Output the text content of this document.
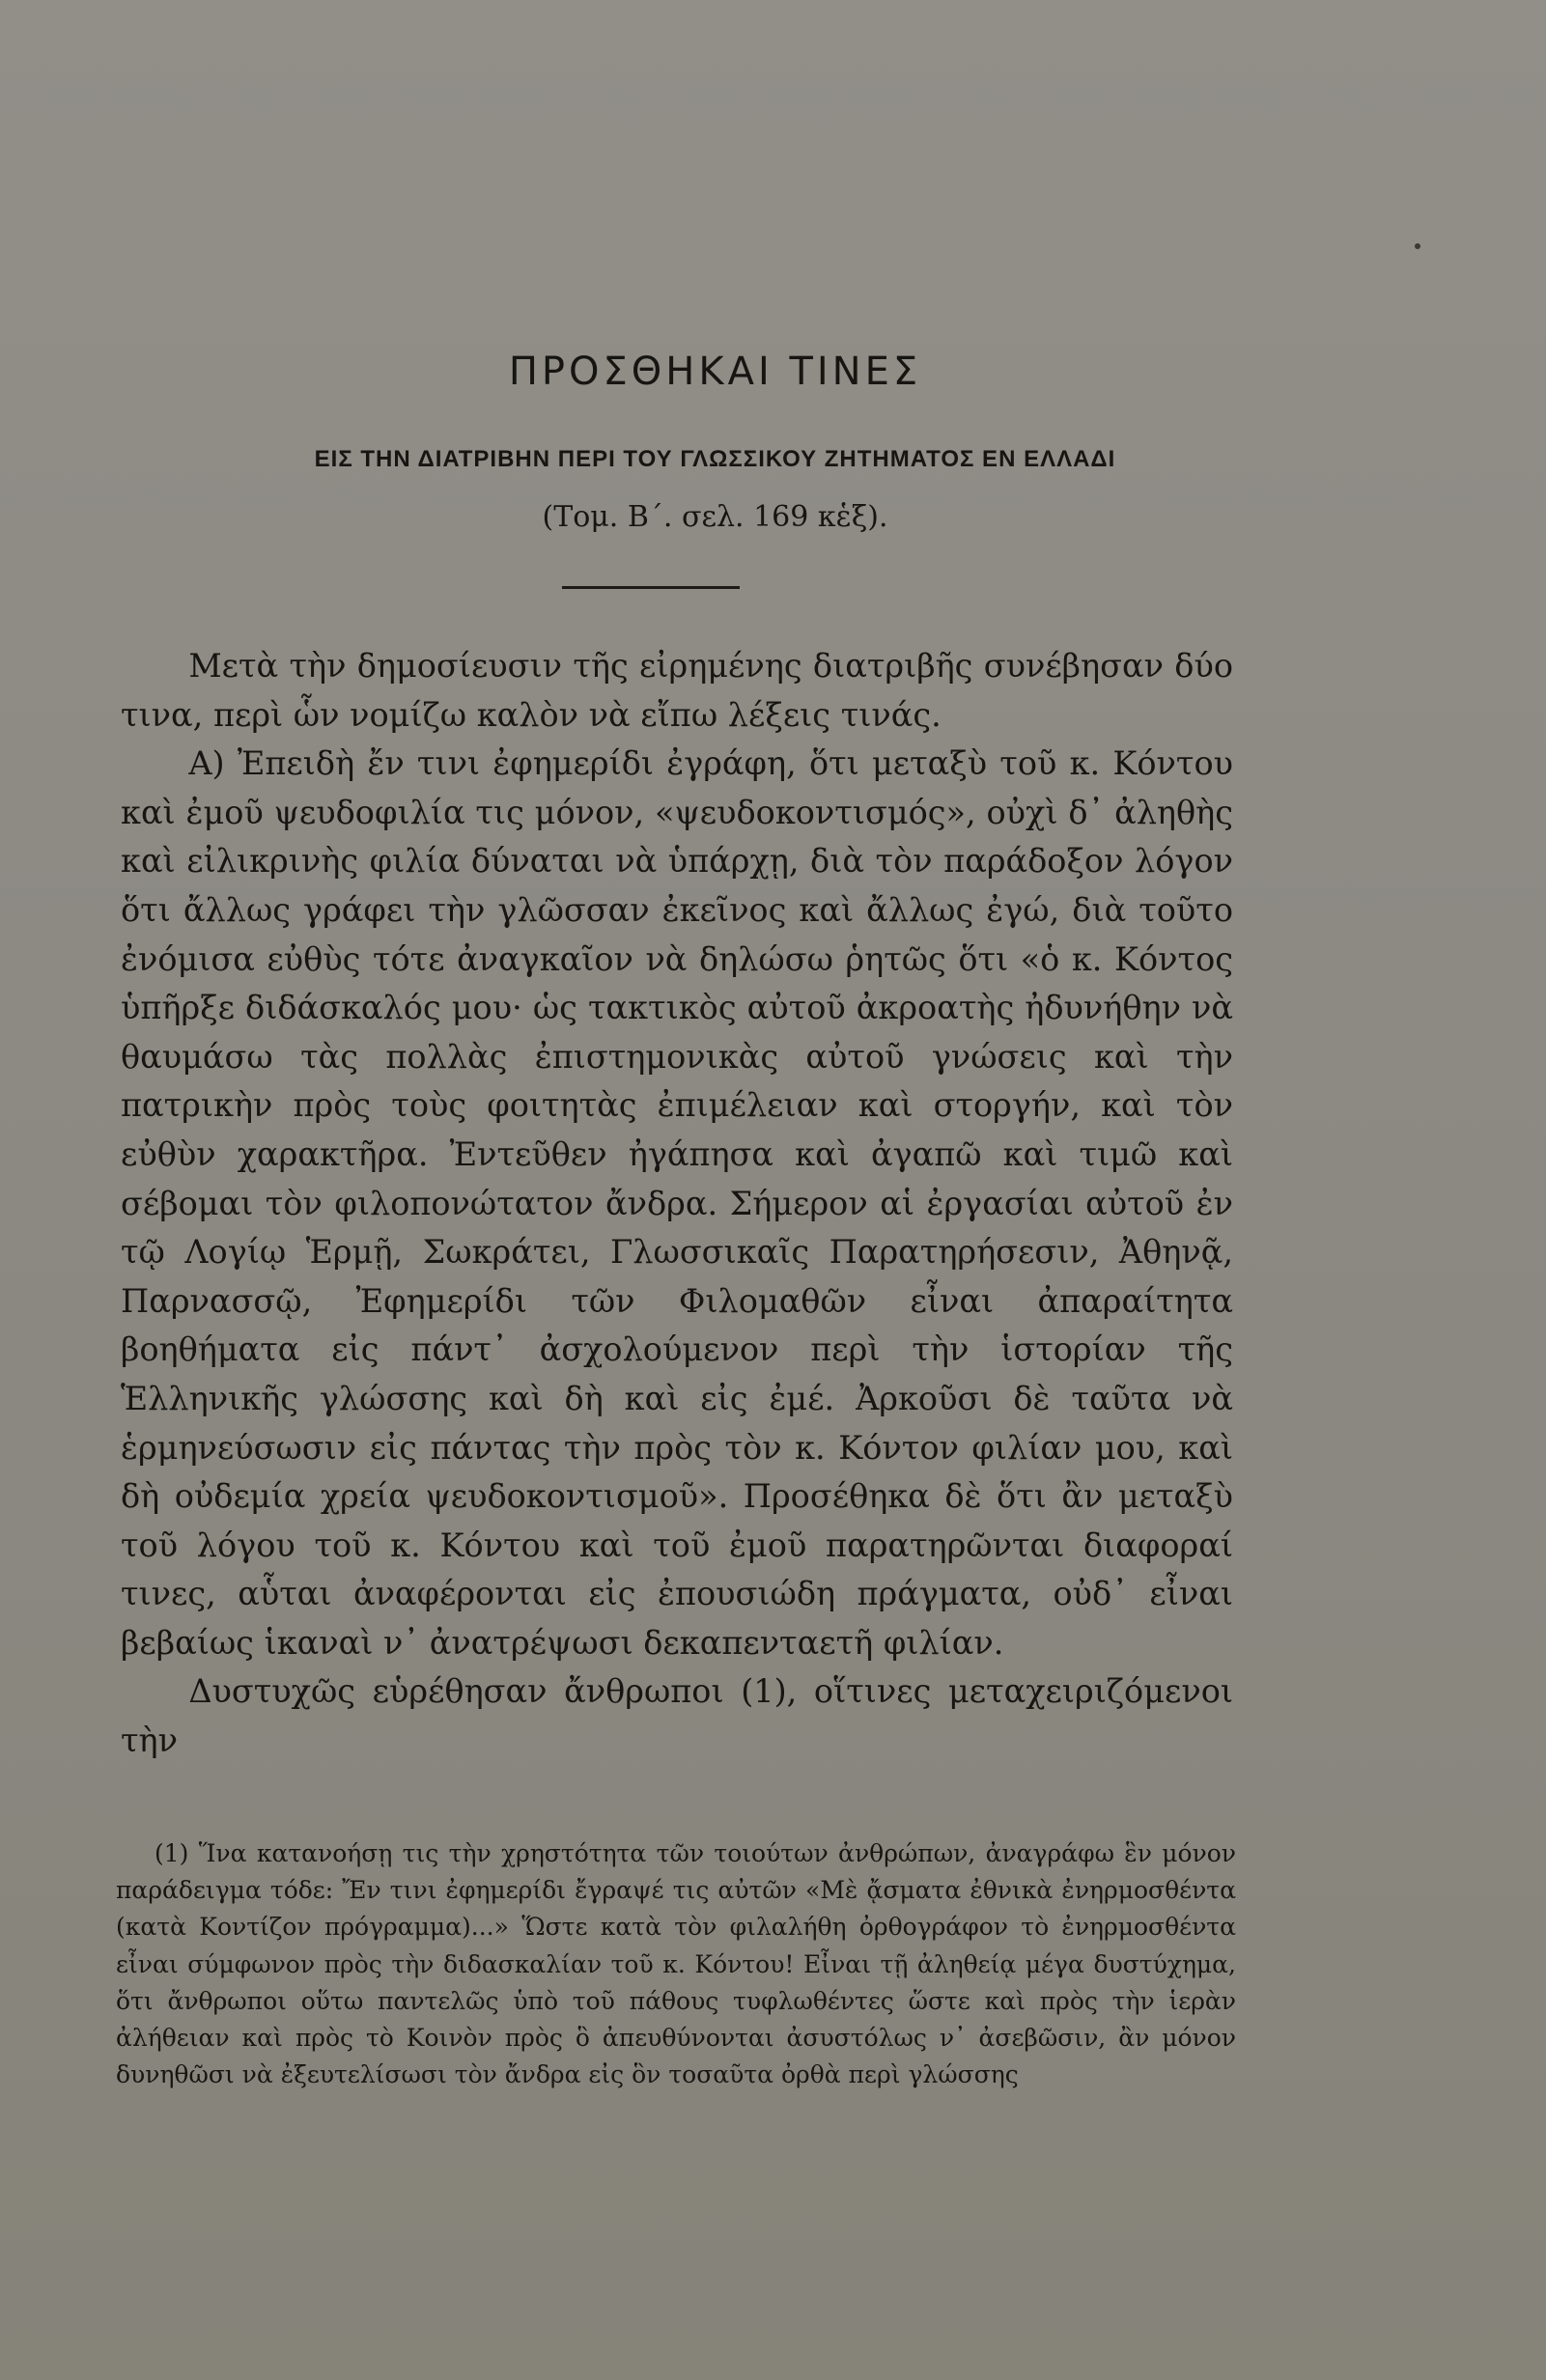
ΠΡΟΣΘΗΚΑΙ ΤΙΝΕΣ
ΕΙΣ ΤΗΝ ΔΙΑΤΡΙΒΗΝ ΠΕΡΙ ΤΟΥ ΓΛΩΣΣΙΚΟΥ ΖΗΤΗΜΑΤΟΣ ΕΝ ΕΛΛΑΔΙ
(Τομ. Β΄. σελ. 169 κἑξ).

Μετὰ τὴν δημοσίευσιν τῆς εἰρημένης διατριβῆς συνέβησαν δύο τινα, περὶ ὧν νομίζω καλὸν νὰ εἴπω λέξεις τινάς.

Α) Ἐπειδὴ ἔν τινι ἐφημερίδι ἐγράφη, ὅτι μεταξὺ τοῦ κ. Κόντου καὶ ἐμοῦ ψευδοφιλία τις μόνον, «ψευδοκοντισμός», οὐχὶ δ᾽ ἀληθὴς καὶ εἰλικρινὴς φιλία δύναται νὰ ὑπάρχῃ, διὰ τὸν παράδοξον λόγον ὅτι ἄλλως γράφει τὴν γλῶσσαν ἐκεῖνος καὶ ἄλλως ἐγώ, διὰ τοῦτο ἐνόμισα εὐθὺς τότε ἀναγκαῖον νὰ δηλώσω ῥητῶς ὅτι «ὁ κ. Κόντος ὑπῆρξε διδάσκαλός μου· ὡς τακτικὸς αὐτοῦ ἀκροατὴς ἠδυνήθην νὰ θαυμάσω τὰς πολλὰς ἐπιστημονικὰς αὐτοῦ γνώσεις καὶ τὴν πατρικὴν πρὸς τοὺς φοιτητὰς ἐπιμέλειαν καὶ στοργήν, καὶ τὸν εὐθὺν χαρακτῆρα. Ἐντεῦθεν ἠγάπησα καὶ ἀγαπῶ καὶ τιμῶ καὶ σέβομαι τὸν φιλοπονώτατον ἄνδρα. Σήμερον αἱ ἐργασίαι αὐτοῦ ἐν τῷ Λογίῳ Ἑρμῇ, Σωκράτει, Γλωσσικαῖς Παρατηρήσεσιν, Ἀθηνᾷ, Παρνασσῷ, Ἐφημερίδι τῶν Φιλομαθῶν εἶναι ἀπαραίτητα βοηθήματα εἰς πάντ᾽ ἀσχολούμενον περὶ τὴν ἱστορίαν τῆς Ἑλληνικῆς γλώσσης καὶ δὴ καὶ εἰς ἐμέ. Ἀρκοῦσι δὲ ταῦτα νὰ ἑρμηνεύσωσιν εἰς πάντας τὴν πρὸς τὸν κ. Κόντον φιλίαν μου, καὶ δὴ οὐδεμία χρεία ψευδοκοντισμοῦ». Προσέθηκα δὲ ὅτι ἂν μεταξὺ τοῦ λόγου τοῦ κ. Κόντου καὶ τοῦ ἐμοῦ παρατηρῶνται διαφοραί τινες, αὗται ἀναφέρονται εἰς ἐπουσιώδη πράγματα, οὐδ᾽ εἶναι βεβαίως ἱκαναὶ ν᾽ ἀνατρέψωσι δεκαπενταετῆ φιλίαν.

Δυστυχῶς εὑρέθησαν ἄνθρωποι (1), οἵτινες μεταχειριζόμενοι τὴν

(1) Ἵνα κατανοήσῃ τις τὴν χρηστότητα τῶν τοιούτων ἀνθρώπων, ἀναγράφω ἓν μόνον παράδειγμα τόδε: Ἔν τινι ἐφημερίδι ἔγραψέ τις αὐτῶν «Μὲ ᾄσματα ἐθνικὰ ἐνηρμοσθέντα (κατὰ Κοντίζον πρόγραμμα)...» Ὥστε κατὰ τὸν φιλαλήθη ὀρθογράφον τὸ ἐνηρμοσθέντα εἶναι σύμφωνον πρὸς τὴν διδασκαλίαν τοῦ κ. Κόντου! Εἶναι τῇ ἀληθείᾳ μέγα δυστύχημα, ὅτι ἄνθρωποι οὕτω παντελῶς ὑπὸ τοῦ πάθους τυφλωθέντες ὥστε καὶ πρὸς τὴν ἱερὰν ἀλήθειαν καὶ πρὸς τὸ Κοινὸν πρὸς ὃ ἀπευθύνονται ἀσυστόλως ν᾽ ἀσεβῶσιν, ἂν μόνον δυνηθῶσι νὰ ἐξευτελίσωσι τὸν ἄνδρα εἰς ὃν τοσαῦτα ὀρθὰ περὶ γλώσσης
